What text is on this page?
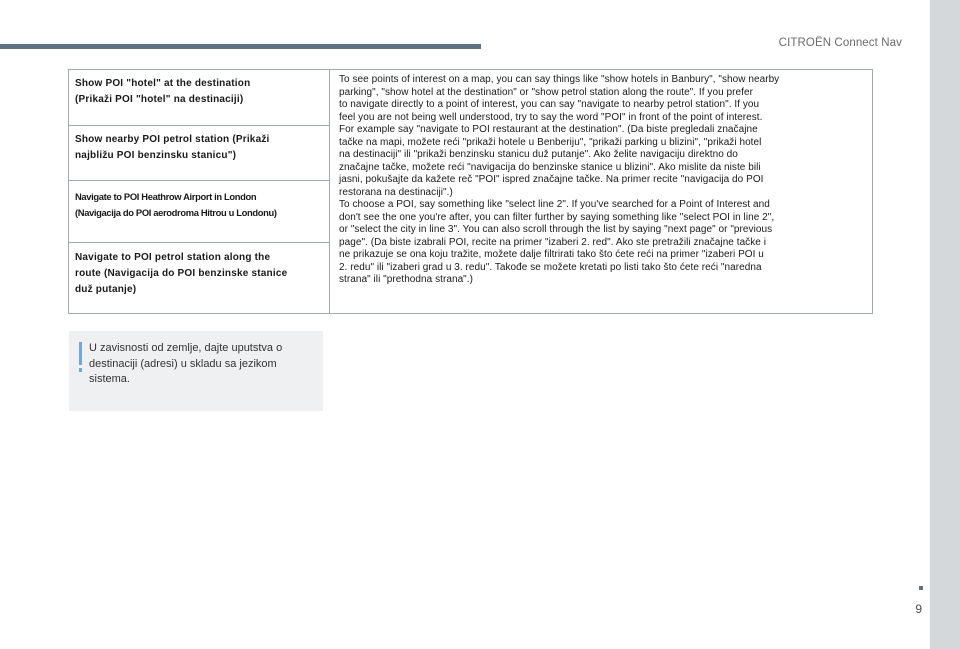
CITROËN Connect Nav
Show POI "hotel" at the destination
(Prikaži POI "hotel" na destinaciji)
Show nearby POI petrol station (Prikaži
najbližu POI benzinsku stanicu")
Navigate to POI Heathrow Airport in London
(Navigacija do POI aerodroma Hitrou u Londonu)
Navigate to POI petrol station along the
route (Navigacija do POI benzinske stanice
duž putanje)
To see points of interest on a map, you can say things like "show hotels in Banbury", "show nearby
parking", "show hotel at the destination" or "show petrol station along the route". If you prefer
to navigate directly to a point of interest, you can say "navigate to nearby petrol station". If you
feel you are not being well understood, try to say the word "POI" in front of the point of interest.
For example say "navigate to POI restaurant at the destination". (Da biste pregledali značajne
tačke na mapi, možete reći "prikaži hotele u Benberiju", "prikaži parking u blizini", "prikaži hotel
na destinaciji" ili "prikaži benzinsku stanicu duž putanje". Ako želite navigaciju direktno do
značajne tačke, možete reći "navigacija do benzinske stanice u blizini". Ako mislite da niste bili
jasni, pokušajte da kažete reč "POI" ispred značajne tačke. Na primer recite "navigacija do POI
restorana na destinaciji".)
To choose a POI, say something like "select line 2". If you've searched for a Point of Interest and
don't see the one you're after, you can filter further by saying something like "select POI in line 2",
or "select the city in line 3". You can also scroll through the list by saying "next page" or "previous
page". (Da biste izabrali POI, recite na primer "izaberi 2. red". Ako ste pretražili značajne tačke i
ne prikazuje se ona koju tražite, možete dalje filtrirati tako što ćete reći na primer "izaberi POI u
2. redu" ili "izaberi grad u 3. redu". Takođe se možete kretati po listi tako što ćete reći "naredna
strana" ili "prethodna strana".)
U zavisnosti od zemlje, dajte uputstva o
destinaciji (adresi) u skladu sa jezikom
sistema.
9
